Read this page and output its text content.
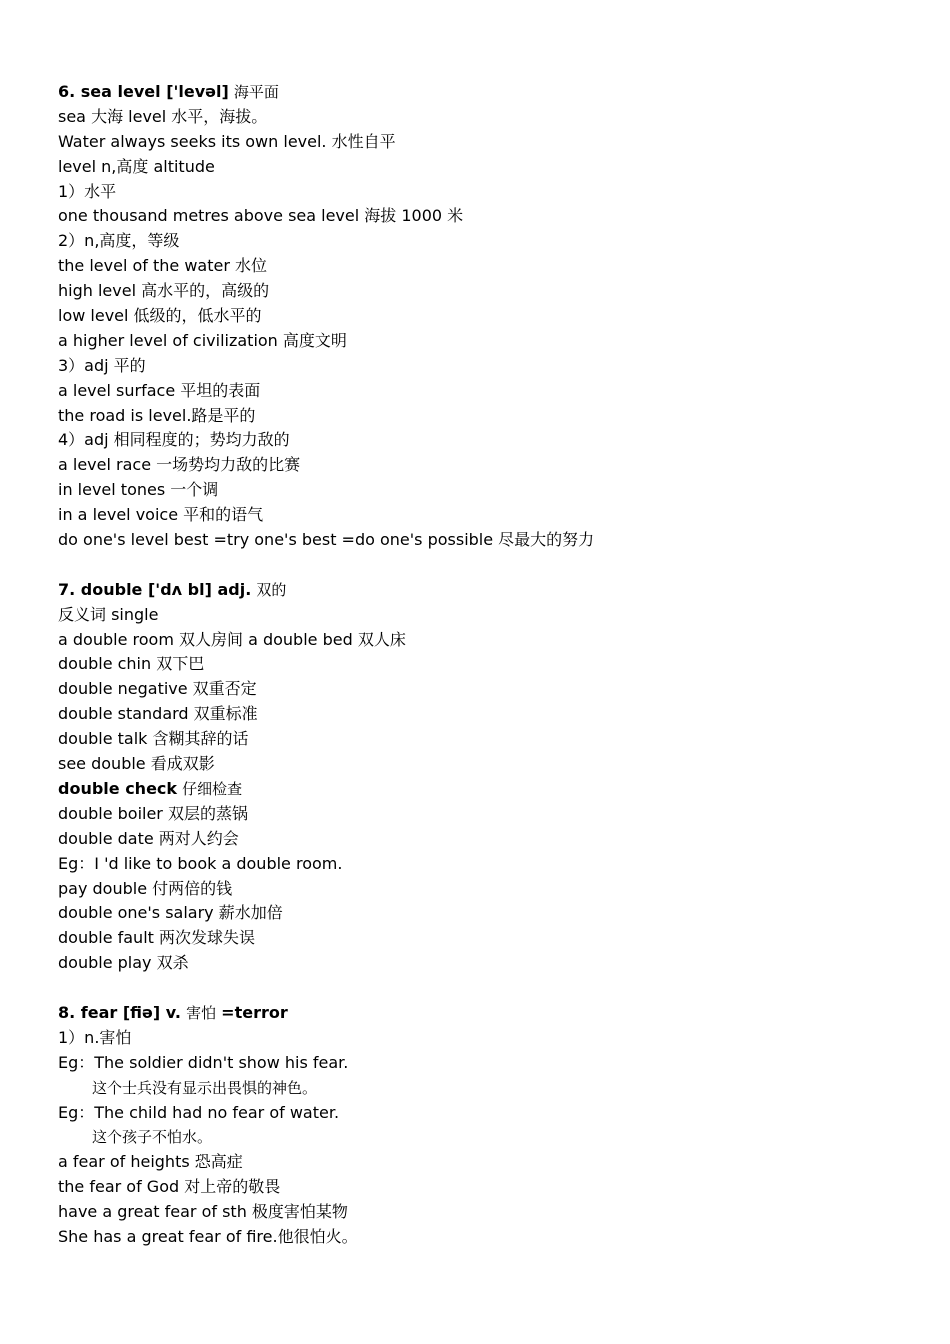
6. sea level ['levəl] 海平面
sea 大海 level 水平，海拔。
Water always seeks its own level. 水性自平
level n,高度 altitude
1）水平
one thousand metres above sea level 海拔 1000 米
2）n,高度，等级
the level of the water 水位
high level 高水平的，高级的
low level 低级的，低水平的
a higher level of civilization 高度文明
3）adj 平的
a level surface 平坦的表面
the road is level.路是平的
4）adj 相同程度的；势均力敌的
a level race 一场势均力敌的比赛
in level tones 一个调
in a level voice 平和的语气
do one's level best =try one's best =do one's possible 尽最大的努力
7. double ['dʌ bl] adj. 双的
反义词 single
a double room 双人房间 a double bed 双人床
double chin 双下巴
double negative 双重否定
double standard 双重标准
double talk 含糊其辞的话
see double 看成双影
double check 仔细检查
double boiler 双层的蒸锅
double date 两对人约会
Eg：I 'd like to book a double room.
pay double 付两倍的钱
double one's salary 薪水加倍
double fault 两次发球失误
double play 双杀
8. fear [fiə] v. 害怕 =terror
1）n.害怕
Eg：The soldier didn't show his fear.
这个士兵没有显示出畏惧的神色。
Eg：The child had no fear of water.
这个孩子不怕水。
a fear of heights 恐高症
the fear of God 对上帝的敬畏
have a great fear of sth 极度害怕某物
She has a great fear of fire.他很怕火。
